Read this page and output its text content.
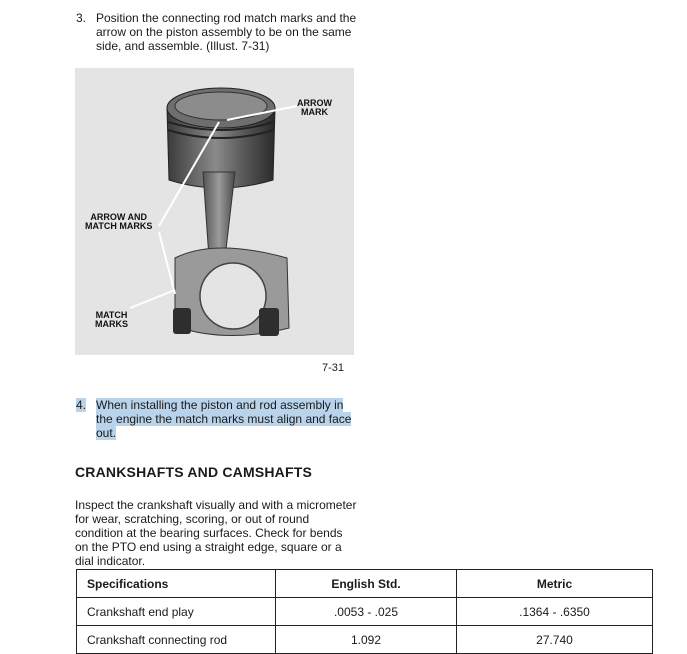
3. Position the connecting rod match marks and the arrow on the piston assembly to be on the same side, and assemble. (Illust. 7-31)
ARROW
MARK
ARROW AND
MATCH MARKS
MATCH
MARKS
7-31
4. When installing the piston and rod assembly in the engine the match marks must align and face out.
CRANKSHAFTS AND CAMSHAFTS
Inspect the crankshaft visually and with a micrometer for wear, scratching, scoring, or out of round condition at the bearing surfaces. Check for bends on the PTO end using a straight edge, square or a dial indicator.
Specifications	English Std.	Metric
Crankshaft end play	.0053 - .025	.1364 - .6350
Crankshaft connecting rod	1.092	27.740
